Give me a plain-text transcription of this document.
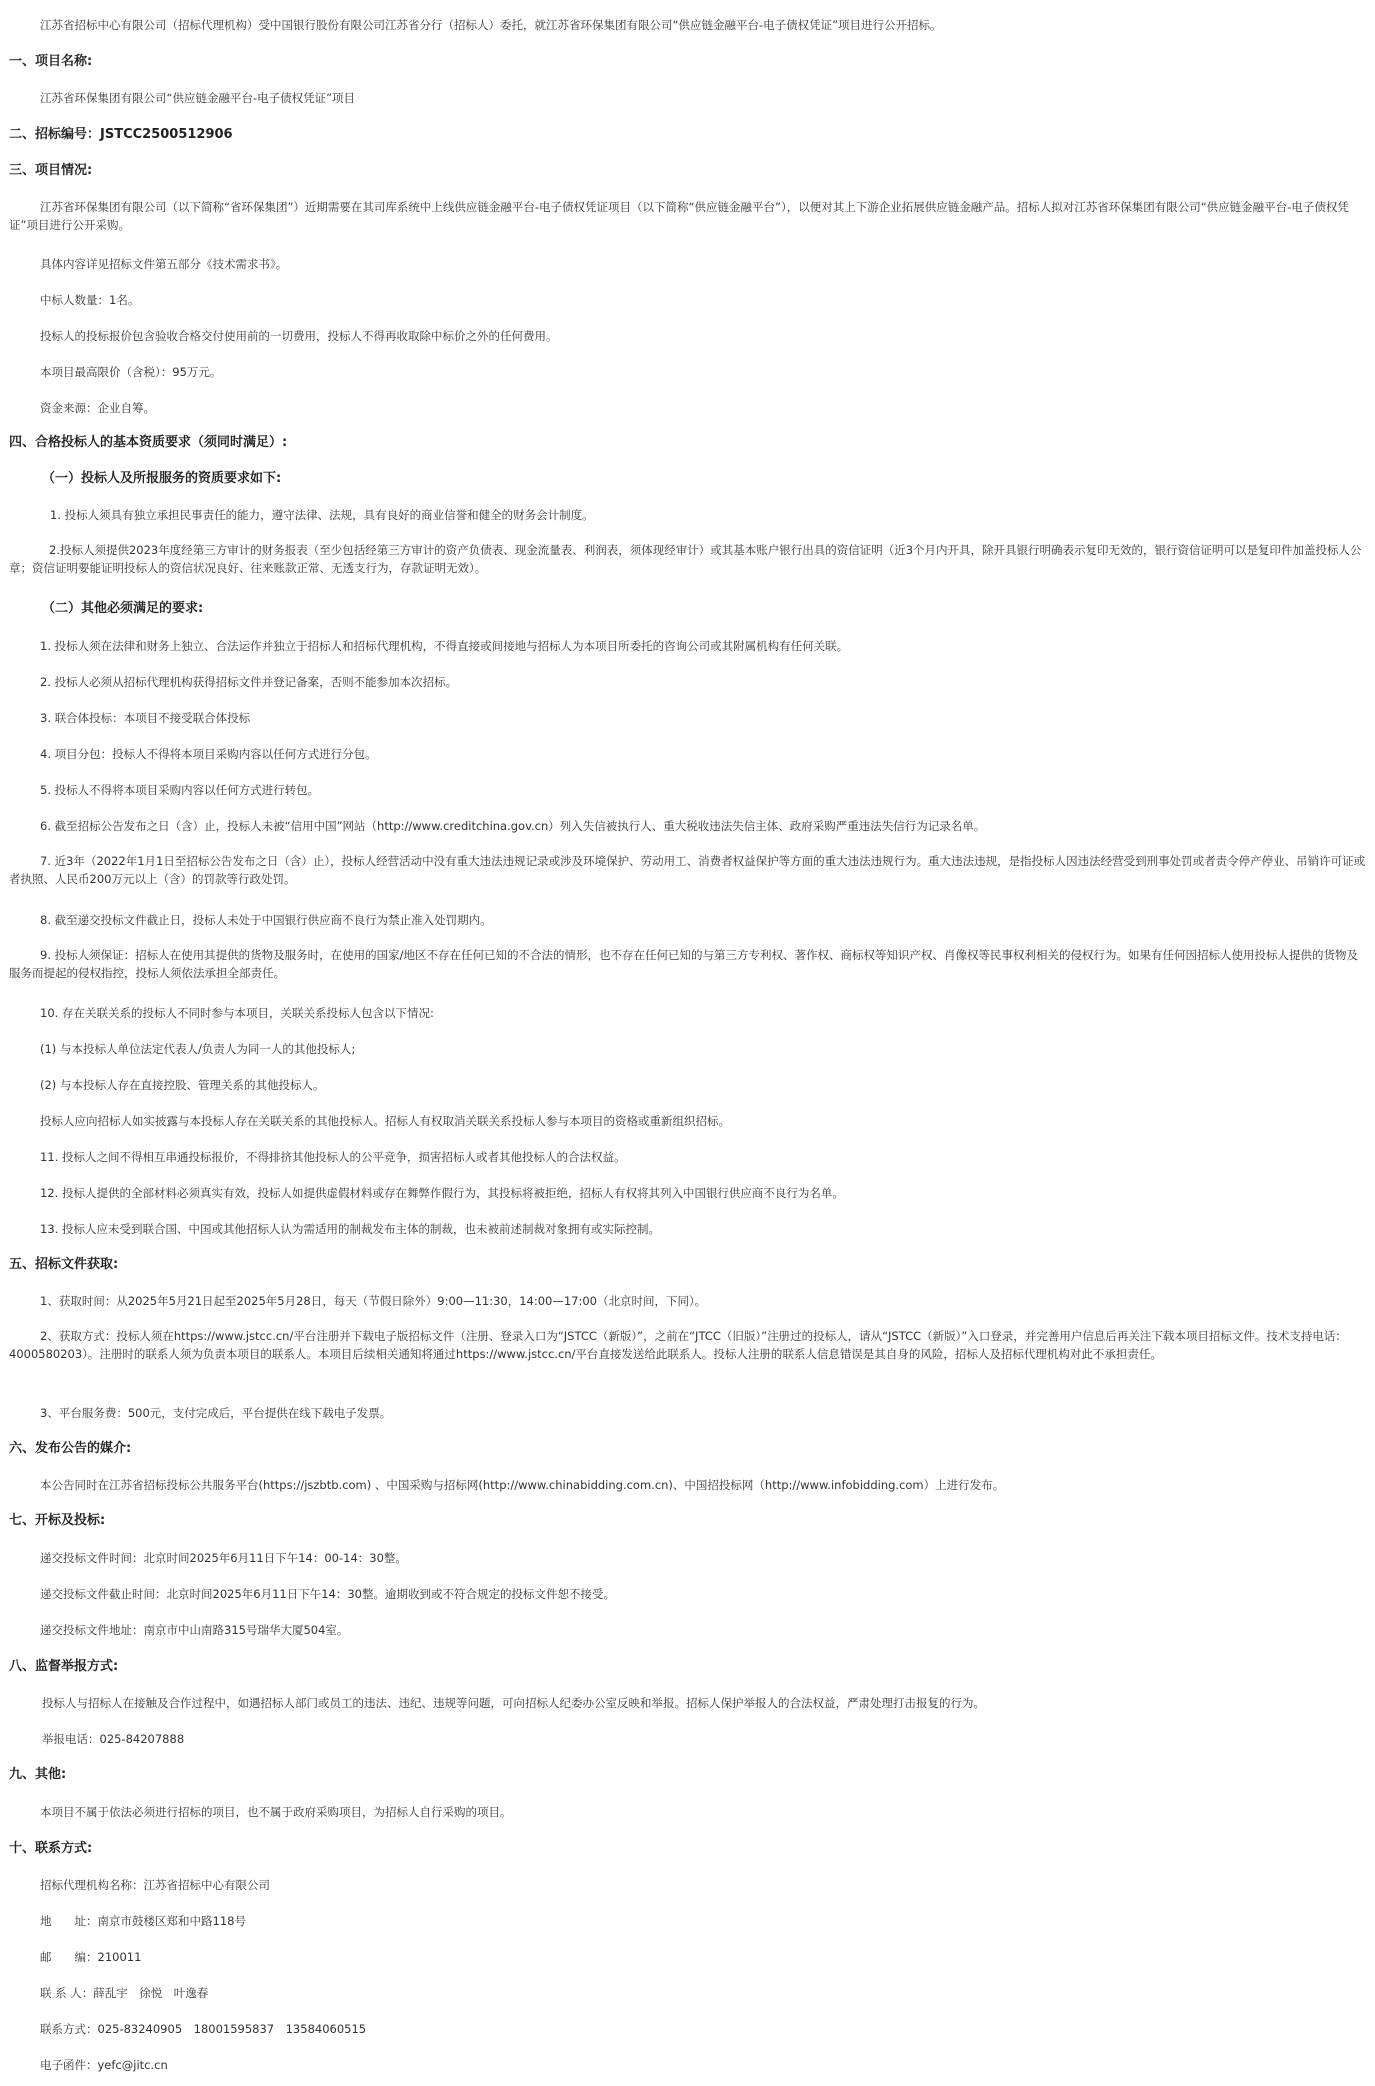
江苏省招标中心有限公司（招标代理机构）受中国银行股份有限公司江苏省分行（招标人）委托，就江苏省环保集团有限公司“供应链金融平台-电子债权凭证”项目进行公开招标。
一、项目名称:
江苏省环保集团有限公司“供应链金融平台-电子债权凭证”项目
二、招标编号：JSTCC2500512906
三、项目情况:
江苏省环保集团有限公司（以下简称“省环保集团”）近期需要在其司库系统中上线供应链金融平台-电子债权凭证项目（以下简称“供应链金融平台”），以便对其上下游企业拓展供应链金融产品。招标人拟对江苏省环保集团有限公司“供应链金融平台-电子债权凭证”项目进行公开采购。
具体内容详见招标文件第五部分《技术需求书》。
中标人数量：1名。
投标人的投标报价包含验收合格交付使用前的一切费用，投标人不得再收取除中标价之外的任何费用。
本项目最高限价（含税）：95万元。
资金来源：企业自筹。
四、合格投标人的基本资质要求（须同时满足）:
（一）投标人及所报服务的资质要求如下:
1. 投标人须具有独立承担民事责任的能力，遵守法律、法规，具有良好的商业信誉和健全的财务会计制度。
2.投标人须提供2023年度经第三方审计的财务报表（至少包括经第三方审计的资产负债表、现金流量表、利润表，须体现经审计）或其基本账户银行出具的资信证明（近3个月内开具，除开具银行明确表示复印无效的，银行资信证明可以是复印件加盖投标人公章；资信证明要能证明投标人的资信状况良好、往来账款正常、无透支行为，存款证明无效）。
（二）其他必须满足的要求:
1. 投标人须在法律和财务上独立、合法运作并独立于招标人和招标代理机构，不得直接或间接地与招标人为本项目所委托的咨询公司或其附属机构有任何关联。
2. 投标人必须从招标代理机构获得招标文件并登记备案，否则不能参加本次招标。
3. 联合体投标：本项目不接受联合体投标
4. 项目分包：投标人不得将本项目采购内容以任何方式进行分包。
5. 投标人不得将本项目采购内容以任何方式进行转包。
6. 截至招标公告发布之日（含）止，投标人未被“信用中国”网站（http://www.creditchina.gov.cn）列入失信被执行人、重大税收违法失信主体、政府采购严重违法失信行为记录名单。
7. 近3年（2022年1月1日至招标公告发布之日（含）止），投标人经营活动中没有重大违法违规记录或涉及环境保护、劳动用工、消费者权益保护等方面的重大违法违规行为。重大违法违规，是指投标人因违法经营受到刑事处罚或者责令停产停业、吊销许可证或者执照、人民币200万元以上（含）的罚款等行政处罚。
8. 截至递交投标文件截止日，投标人未处于中国银行供应商不良行为禁止准入处罚期内。
9. 投标人须保证：招标人在使用其提供的货物及服务时，在使用的国家/地区不存在任何已知的不合法的情形，也不存在任何已知的与第三方专利权、著作权、商标权等知识产权、肖像权等民事权利相关的侵权行为。如果有任何因招标人使用投标人提供的货物及服务而提起的侵权指控，投标人须依法承担全部责任。
10. 存在关联关系的投标人不同时参与本项目，关联关系投标人包含以下情况:
(1) 与本投标人单位法定代表人/负责人为同一人的其他投标人;
(2) 与本投标人存在直接控股、管理关系的其他投标人。
投标人应向招标人如实披露与本投标人存在关联关系的其他投标人。招标人有权取消关联关系投标人参与本项目的资格或重新组织招标。
11. 投标人之间不得相互串通投标报价，不得排挤其他投标人的公平竞争，损害招标人或者其他投标人的合法权益。
12. 投标人提供的全部材料必须真实有效，投标人如提供虚假材料或存在舞弊作假行为，其投标将被拒绝，招标人有权将其列入中国银行供应商不良行为名单。
13. 投标人应未受到联合国、中国或其他招标人认为需适用的制裁发布主体的制裁，也未被前述制裁对象拥有或实际控制。
五、招标文件获取:
1、获取时间：从2025年5月21日起至2025年5月28日，每天（节假日除外）9:00—11:30，14:00—17:00（北京时间，下同）。
2、获取方式：投标人须在https://www.jstcc.cn/平台注册并下载电子版招标文件（注册、登录入口为“JSTCC（新版）”，之前在“JTCC（旧版）”注册过的投标人，请从“JSTCC（新版）”入口登录，并完善用户信息后再关注下载本项目招标文件。技术支持电话：4000580203）。注册时的联系人须为负责本项目的联系人。本项目后续相关通知将通过https://www.jstcc.cn/平台直接发送给此联系人。投标人注册的联系人信息错误是其自身的风险，招标人及招标代理机构对此不承担责任。
3、平台服务费：500元，支付完成后，平台提供在线下载电子发票。
六、发布公告的媒介:
本公告同时在江苏省招标投标公共服务平台(https://jszbtb.com) 、中国采购与招标网(http://www.chinabidding.com.cn)、中国招投标网（http://www.infobidding.com）上进行发布。
七、开标及投标:
递交投标文件时间：北京时间2025年6月11日下午14：00-14：30整。
递交投标文件截止时间：北京时间2025年6月11日下午14：30整。逾期收到或不符合规定的投标文件恕不接受。
递交投标文件地址：南京市中山南路315号瑞华大厦504室。
八、监督举报方式:
投标人与招标人在接触及合作过程中，如遇招标人部门或员工的违法、违纪、违规等问题，可向招标人纪委办公室反映和举报。招标人保护举报人的合法权益，严肃处理打击报复的行为。
举报电话：025-84207888
九、其他:
本项目不属于依法必须进行招标的项目，也不属于政府采购项目，为招标人自行采购的项目。
十、联系方式:
招标代理机构名称：江苏省招标中心有限公司
地　　址：南京市鼓楼区郑和中路118号
邮　　编：210011
联 系 人：薛乱宇　徐悦　叶逸春
联系方式：025-83240905　18001595837　13584060515
电子函件：yefc@jitc.cn
